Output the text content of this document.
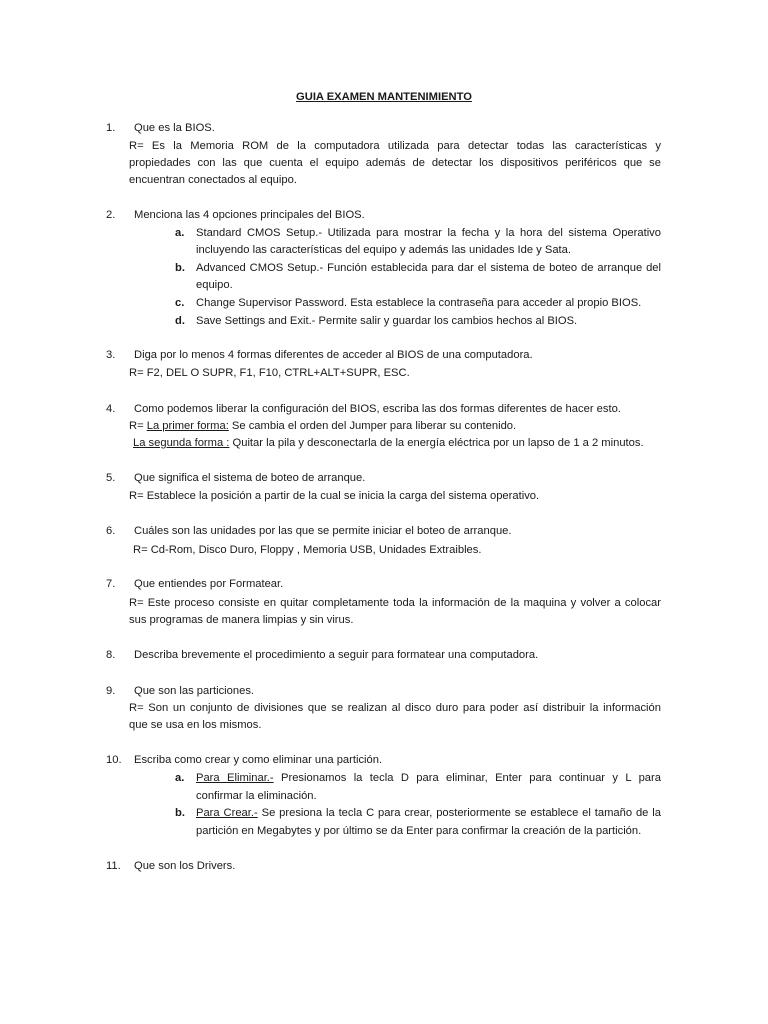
GUIA EXAMEN MANTENIMIENTO
1. Que es la BIOS.
R= Es la Memoria ROM de la computadora utilizada para detectar todas las características y
propiedades con las que cuenta el equipo además de detectar los dispositivos periféricos que se
encuentran conectados al equipo.
2. Menciona las 4 opciones principales del BIOS.
a. Standard CMOS Setup.- Utilizada para mostrar la fecha y la hora del sistema Operativo
incluyendo las características del equipo y además las unidades Ide y Sata.
b. Advanced CMOS Setup.- Función establecida para dar el sistema de boteo de arranque del
equipo.
c. Change Supervisor Password. Esta establece la contraseña para acceder al propio BIOS.
d. Save Settings and Exit.- Permite salir y guardar los cambios hechos al BIOS.
3. Diga por lo menos 4 formas diferentes de acceder al BIOS de una computadora.
R= F2, DEL O SUPR, F1, F10, CTRL+ALT+SUPR, ESC.
4. Como podemos liberar la configuración del BIOS, escriba las dos formas diferentes de hacer esto.
R= La primer forma: Se cambia el orden del Jumper para liberar su contenido.
La segunda forma : Quitar la pila y desconectarla de la energía eléctrica por un lapso de 1 a 2 minutos.
5. Que significa el sistema de boteo de arranque.
R= Establece la posición a partir de la cual se inicia la carga del sistema operativo.
6. Cuáles son las unidades por las que se permite iniciar el boteo de arranque.
R= Cd-Rom, Disco Duro, Floppy , Memoria USB, Unidades Extraibles.
7. Que entiendes por Formatear.
R= Este proceso consiste en quitar completamente toda la información de la maquina y volver a colocar
sus programas de manera limpias y sin virus.
8. Describa brevemente el procedimiento a seguir para formatear una computadora.
9. Que son las particiones.
R= Son un conjunto de divisiones que se realizan al disco duro para poder así distribuir la información
que se usa en los mismos.
10. Escriba como crear y como eliminar una partición.
a. Para Eliminar.- Presionamos la tecla D para eliminar, Enter para continuar y L para
confirmar la eliminación.
b. Para Crear.- Se presiona la tecla C para crear, posteriormente se establece el tamaño de la
partición en Megabytes y por último se da Enter para confirmar la creación de la partición.
11. Que son los Drivers.
